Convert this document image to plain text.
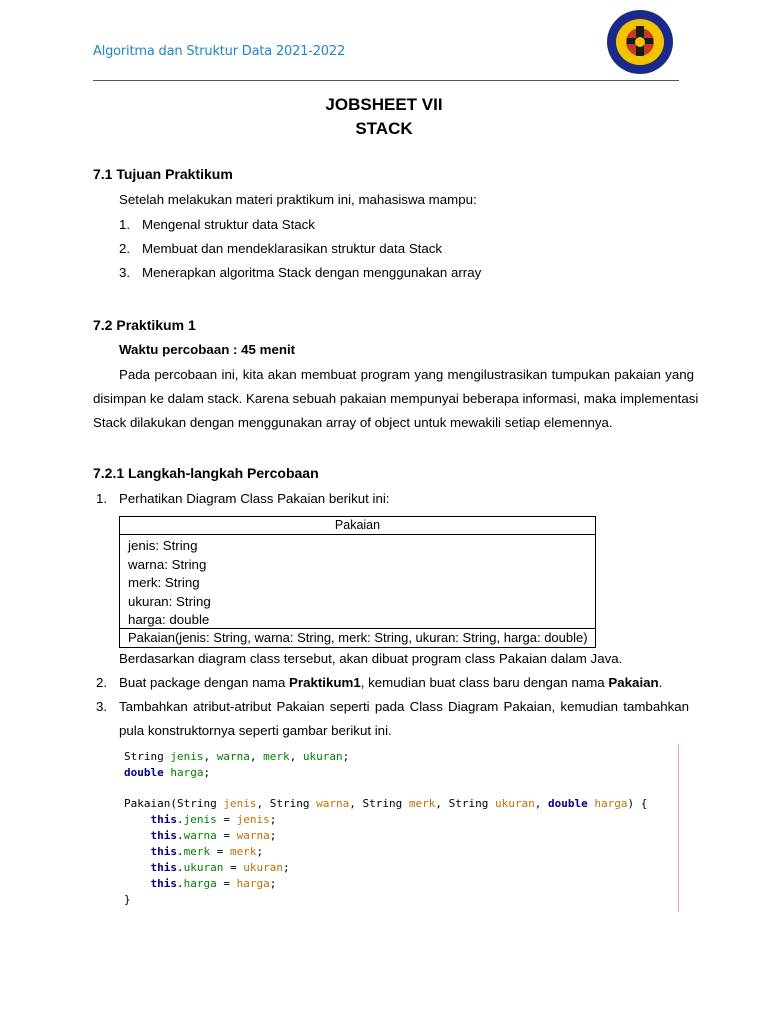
Algoritma dan Struktur Data 2021-2022
JOBSHEET VII
STACK
7.1 Tujuan Praktikum
Setelah melakukan materi praktikum ini, mahasiswa mampu:
1. Mengenal struktur data Stack
2. Membuat dan mendeklarasikan struktur data Stack
3. Menerapkan algoritma Stack dengan menggunakan array
7.2 Praktikum 1
Waktu percobaan : 45 menit
Pada percobaan ini, kita akan membuat program yang mengilustrasikan tumpukan pakaian yang
disimpan ke dalam stack. Karena sebuah pakaian mempunyai beberapa informasi, maka implementasi
Stack dilakukan dengan menggunakan array of object untuk mewakili setiap elemennya.
7.2.1 Langkah-langkah Percobaan
1. Perhatikan Diagram Class Pakaian berikut ini:
Pakaian
jenis: String
warna: String
merk: String
ukuran: String
harga: double
Pakaian(jenis: String, warna: String, merk: String, ukuran: String, harga: double)
Berdasarkan diagram class tersebut, akan dibuat program class Pakaian dalam Java.
2. Buat package dengan nama Praktikum1, kemudian buat class baru dengan nama Pakaian.
3. Tambahkan atribut-atribut Pakaian seperti pada Class Diagram Pakaian, kemudian tambahkan
pula konstruktornya seperti gambar berikut ini.
String jenis, warna, merk, ukuran;
double harga;
Pakaian(String jenis, String warna, String merk, String ukuran, double harga) {
this.jenis = jenis;
this.warna = warna;
this.merk = merk;
this.ukuran = ukuran;
this.harga = harga;
}
